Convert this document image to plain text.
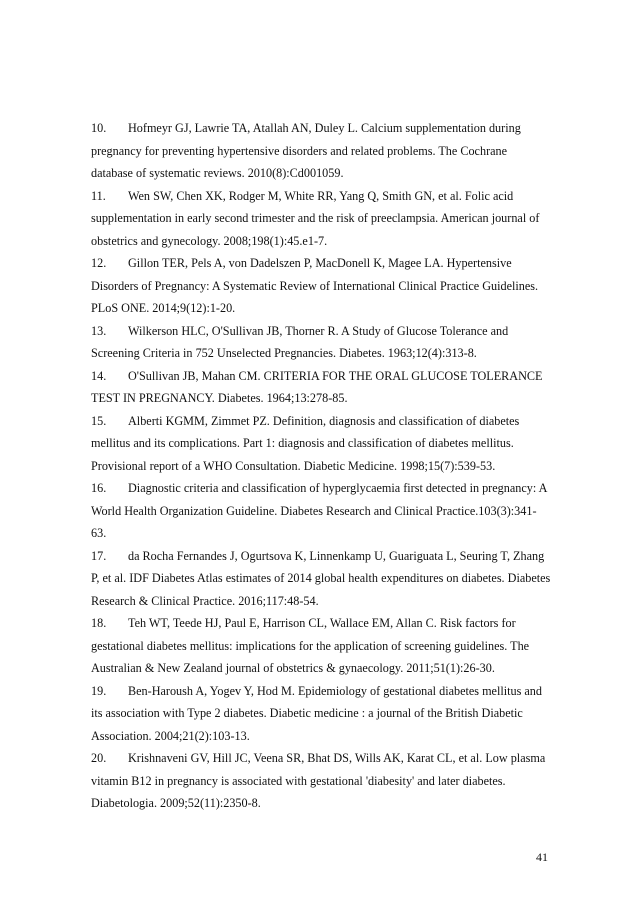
10. Hofmeyr GJ, Lawrie TA, Atallah AN, Duley L. Calcium supplementation during pregnancy for preventing hypertensive disorders and related problems. The Cochrane database of systematic reviews. 2010(8):Cd001059.
11. Wen SW, Chen XK, Rodger M, White RR, Yang Q, Smith GN, et al. Folic acid supplementation in early second trimester and the risk of preeclampsia. American journal of obstetrics and gynecology. 2008;198(1):45.e1-7.
12. Gillon TER, Pels A, von Dadelszen P, MacDonell K, Magee LA. Hypertensive Disorders of Pregnancy: A Systematic Review of International Clinical Practice Guidelines. PLoS ONE. 2014;9(12):1-20.
13. Wilkerson HLC, O'Sullivan JB, Thorner R. A Study of Glucose Tolerance and Screening Criteria in 752 Unselected Pregnancies. Diabetes. 1963;12(4):313-8.
14. O'Sullivan JB, Mahan CM. CRITERIA FOR THE ORAL GLUCOSE TOLERANCE TEST IN PREGNANCY. Diabetes. 1964;13:278-85.
15. Alberti KGMM, Zimmet PZ. Definition, diagnosis and classification of diabetes mellitus and its complications. Part 1: diagnosis and classification of diabetes mellitus. Provisional report of a WHO Consultation. Diabetic Medicine. 1998;15(7):539-53.
16. Diagnostic criteria and classification of hyperglycaemia first detected in pregnancy: A World Health Organization Guideline. Diabetes Research and Clinical Practice.103(3):341-63.
17. da Rocha Fernandes J, Ogurtsova K, Linnenkamp U, Guariguata L, Seuring T, Zhang P, et al. IDF Diabetes Atlas estimates of 2014 global health expenditures on diabetes. Diabetes Research & Clinical Practice. 2016;117:48-54.
18. Teh WT, Teede HJ, Paul E, Harrison CL, Wallace EM, Allan C. Risk factors for gestational diabetes mellitus: implications for the application of screening guidelines. The Australian & New Zealand journal of obstetrics & gynaecology. 2011;51(1):26-30.
19. Ben-Haroush A, Yogev Y, Hod M. Epidemiology of gestational diabetes mellitus and its association with Type 2 diabetes. Diabetic medicine : a journal of the British Diabetic Association. 2004;21(2):103-13.
20. Krishnaveni GV, Hill JC, Veena SR, Bhat DS, Wills AK, Karat CL, et al. Low plasma vitamin B12 in pregnancy is associated with gestational 'diabesity' and later diabetes. Diabetologia. 2009;52(11):2350-8.
41
